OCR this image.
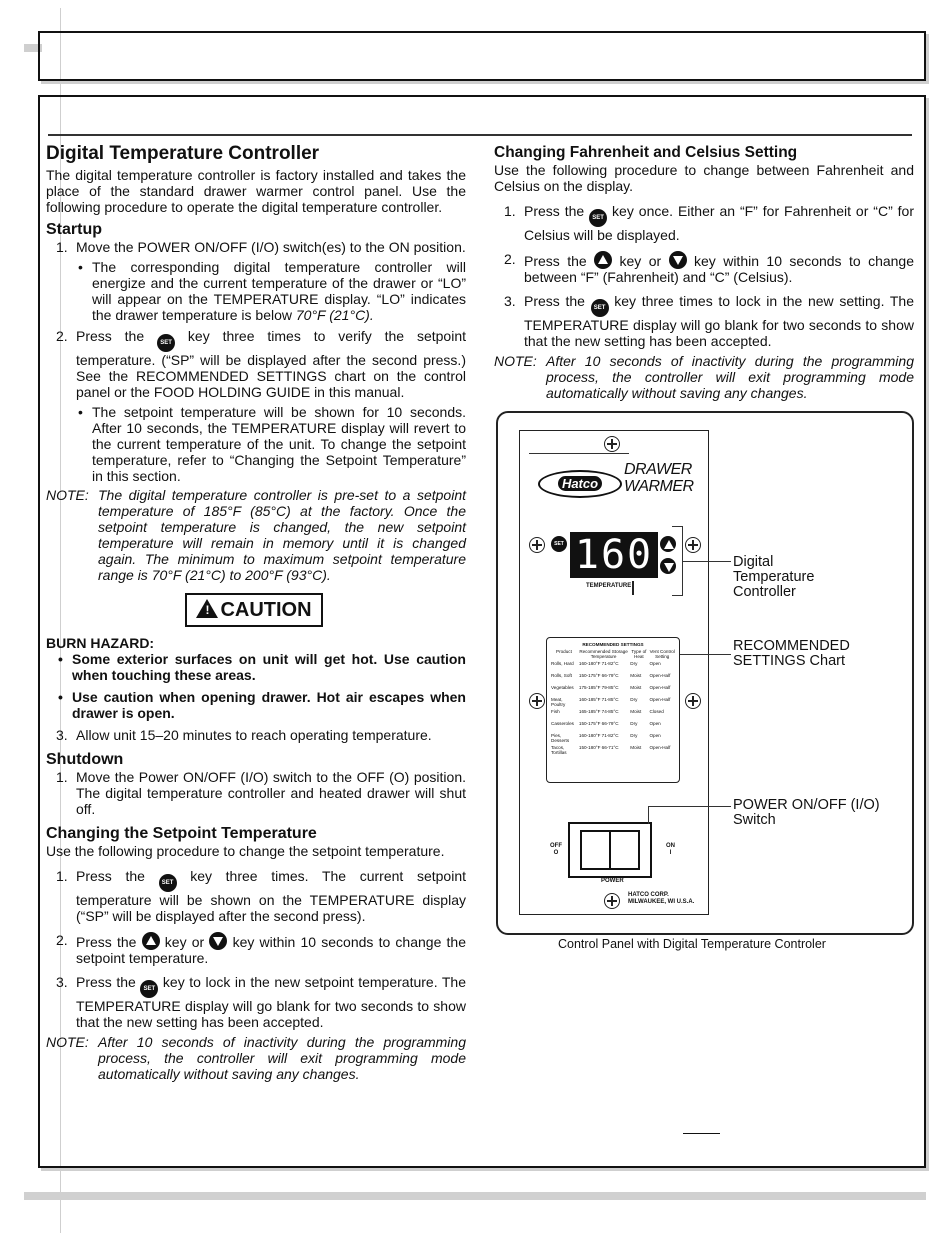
Digital Temperature Controller

The digital temperature controller is factory installed and takes the place of the standard drawer warmer control panel. Use the following procedure to operate the digital temperature controller.

Startup
1. Move the POWER ON/OFF (I/O) switch(es) to the ON position.
• The corresponding digital temperature controller will energize and the current temperature of the drawer or “LO” will appear on the TEMPERATURE display. “LO” indicates the drawer temperature is below 70°F (21°C).
2. Press the SET key three times to verify the setpoint temperature. (“SP” will be displayed after the second press.) See the RECOMMENDED SETTINGS chart on the control panel or the FOOD HOLDING GUIDE in this manual.
• The setpoint temperature will be shown for 10 seconds. After 10 seconds, the TEMPERATURE display will revert to the current temperature of the unit. To change the setpoint temperature, refer to “Changing the Setpoint Temperature” in this section.
NOTE: The digital temperature controller is pre-set to a setpoint temperature of 185°F (85°C) at the factory. Once the setpoint temperature is changed, the new setpoint temperature will remain in memory until it is changed again. The minimum to maximum setpoint temperature range is 70°F (21°C) to 200°F (93°C).
! CAUTION
BURN HAZARD:
• Some exterior surfaces on unit will get hot. Use caution when touching these areas.
• Use caution when opening drawer. Hot air escapes when drawer is open.
3. Allow unit 15–20 minutes to reach operating temperature.
Shutdown
1. Move the Power ON/OFF (I/O) switch to the OFF (O) position. The digital temperature controller and heated drawer will shut off.
Changing the Setpoint Temperature

Use the following procedure to change the setpoint temperature.

1. Press the SET key three times. The current setpoint temperature will be shown on the TEMPERATURE display (“SP” will be displayed after the second press).
2. Press the  key or  key within 10 seconds to change the setpoint temperature.
3. Press the SET key to lock in the new setpoint temperature. The TEMPERATURE display will go blank for two seconds to show that the new setting has been accepted.
NOTE: After 10 seconds of inactivity during the programming process, the controller will exit programming mode automatically without saving any changes.
Changing Fahrenheit and Celsius Setting

Use the following procedure to change between Fahrenheit and Celsius on the display.

1. Press the SET key once. Either an “F” for Fahrenheit or “C” for Celsius will be displayed.
2. Press the  key or  key within 10 seconds to change between “F” (Fahrenheit) and “C” (Celsius).
3. Press the SET key three times to lock in the new setting. The TEMPERATURE display will go blank for two seconds to show that the new setting has been accepted.
NOTE: After 10 seconds of inactivity during the programming process, the controller will exit programming mode automatically without saving any changes.
Hatco
DRAWER
WARMER
SET 160
TEMPERATURE
Digital
Temperature
Controller
RECOMMENDED SETTINGS
Product	Recommended Storage Temperature	Type of Heat	Vent Control Setting
Rolls, Hard	160-180°F 71-82°C	Dry	Open
Rolls, Soft	150-175°F 66-79°C	Moist	Open-Half
Vegetables	175-185°F 79-85°C	Moist	Open-Half
Meat, Poultry	160-185°F 71-85°C	Dry	Open-Half
Fish	165-185°F 74-85°C	Moist	Closed
Casseroles	150-175°F 66-79°C	Dry	Open
Pies, Desserts	160-180°F 71-82°C	Dry	Open
Tacos, Tortillas	150-180°F 66-71°C	Moist	Open-Half
RECOMMENDED
SETTINGS Chart
OFF
O
ON
I
POWER
HATCO CORP.
MILWAUKEE, WI U.S.A.
POWER ON/OFF (I/O)
Switch
Control Panel with Digital Temperature Controler
